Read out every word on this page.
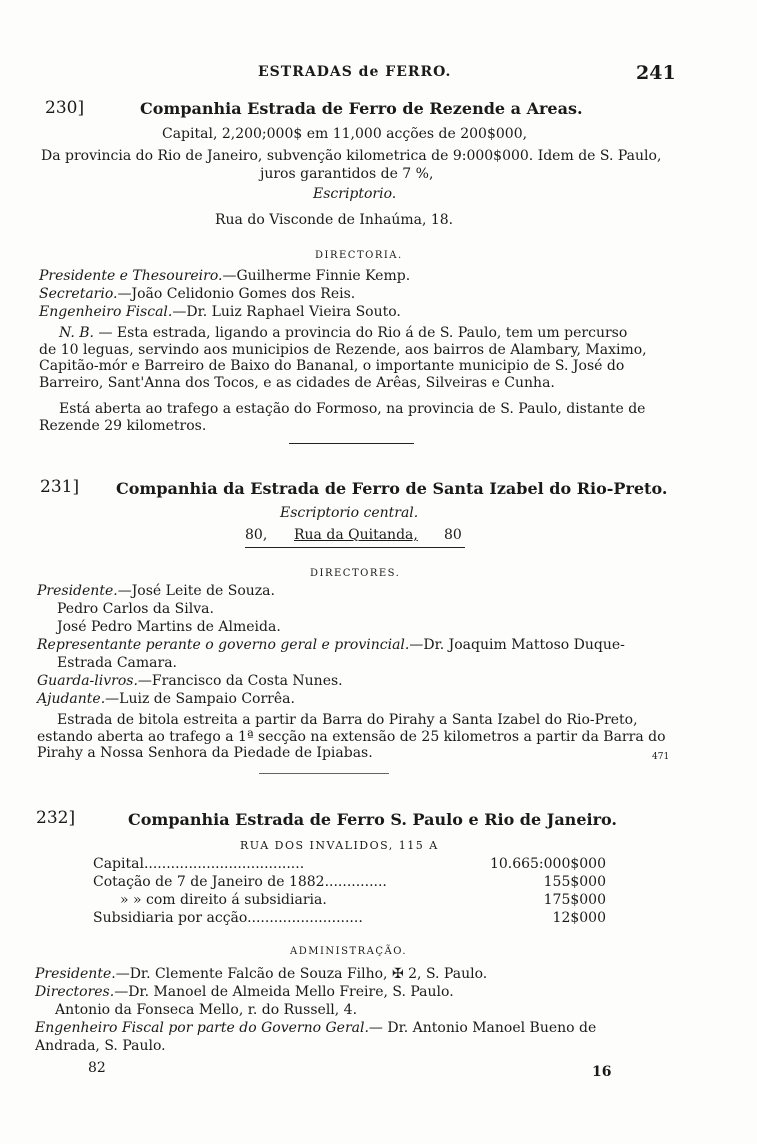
ESTRADAS de FERRO.	241
230]	Companhia Estrada de Ferro de Rezende a Areas.
Capital, 2,200;000$ em 11,000 acções de 200$000,
Da provincia do Rio de Janeiro, subvenção kilometrica de 9:000$000. Idem de S. Paulo,
juros garantidos de 7 %,
Escriptorio.
Rua do Visconde de Inhaúma, 18.
DIRECTORIA.
Presidente e Thesoureiro.—Guilherme Finnie Kemp.
Secretario.—João Celidonio Gomes dos Reis.
Engenheiro Fiscal.—Dr. Luiz Raphael Vieira Souto.
N. B. — Esta estrada, ligando a provincia do Rio á de S. Paulo, tem um percurso
de 10 leguas, servindo aos municipios de Rezende, aos bairros de Alambary, Maximo,
Capitão-mór e Barreiro de Baixo do Bananal, o importante municipio de S. José do
Barreiro, Sant'Anna dos Tocos, e as cidades de Arêas, Silveiras e Cunha.
Está aberta ao trafego a estação do Formoso, na provincia de S. Paulo, distante de
Rezende 29 kilometros.
231] Companhia da Estrada de Ferro de Santa Izabel do Rio-Preto.
Escriptorio central.
80, Rua da Quitanda, 80
DIRECTORES.
Presidente.—José Leite de Souza.
Pedro Carlos da Silva.
José Pedro Martins de Almeida.
Representante perante o governo geral e provincial.—Dr. Joaquim Mattoso Duque-
Estrada Camara.
Guarda-livros.—Francisco da Costa Nunes.
Ajudante.—Luiz de Sampaio Corrêa.
Estrada de bitola estreita a partir da Barra do Pirahy a Santa Izabel do Rio-Preto,
estando aberta ao trafego a 1ª secção na extensão de 25 kilometros a partir da Barra do
Pirahy a Nossa Senhora da Piedade de Ipiabas.	471
232]	Companhia Estrada de Ferro S. Paulo e Rio de Janeiro.
RUA DOS INVALIDOS, 115 A
Capital....................................	10.665:000$000
Cotação de 7 de Janeiro de 1882..............	155$000
» » com direito á subsidiaria.	175$000
Subsidiaria por acção..........................	12$000
ADMINISTRAÇÃO.
Presidente.—Dr. Clemente Falcão de Souza Filho, ✠ 2, S. Paulo.
Directores.—Dr. Manoel de Almeida Mello Freire, S. Paulo.
Antonio da Fonseca Mello, r. do Russell, 4.
Engenheiro Fiscal por parte do Governo Geral.— Dr. Antonio Manoel Bueno de
Andrada, S. Paulo.
82	16
